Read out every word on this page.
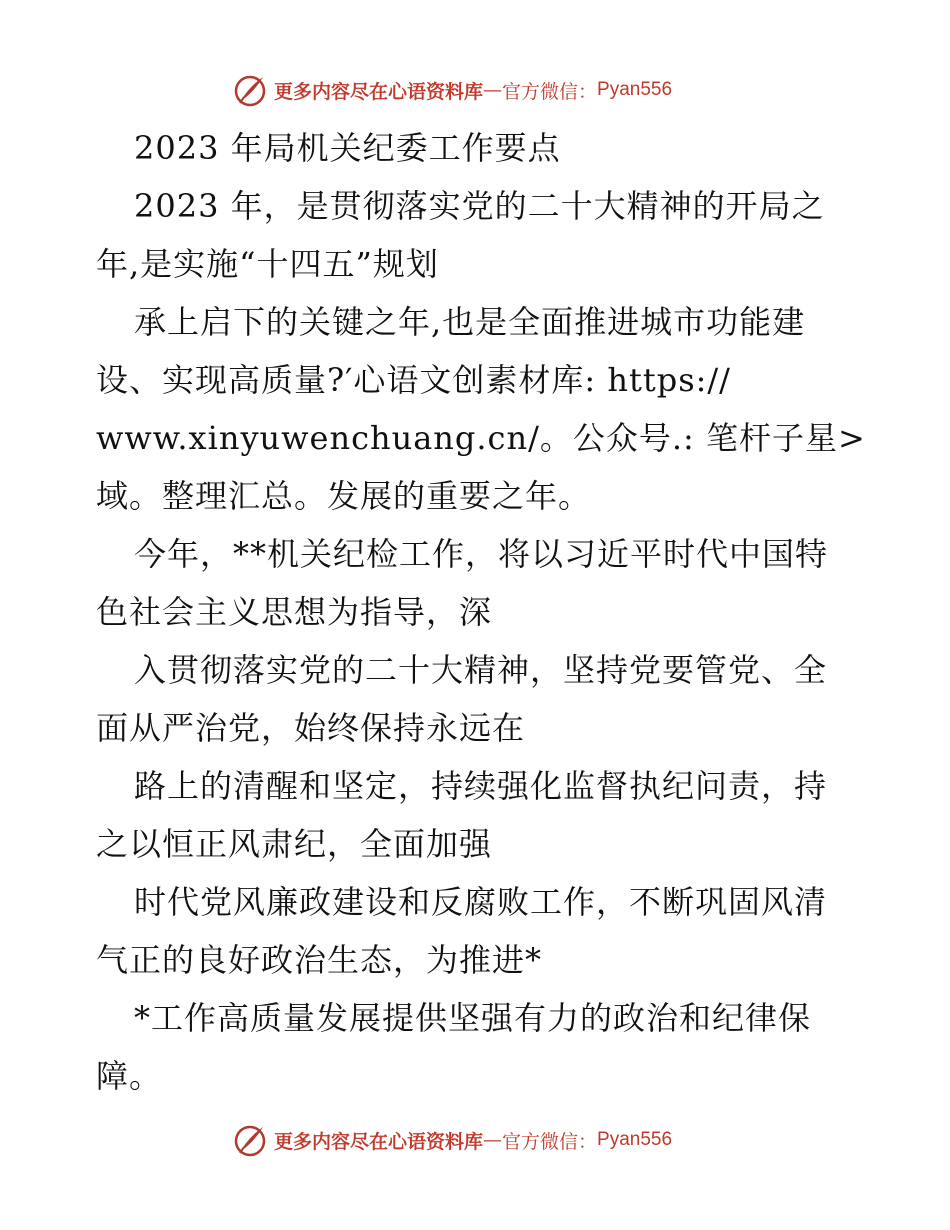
更多内容尽在心语资料库 — 官方微信： Pyan556
2023 年局机关纪委工作要点
2023 年，是贯彻落实党的二十大精神的开局之
年,是实施“十四五”规划
承上启下的关键之年,也是全面推进城市功能建
设、实现高质量?′心语文创素材库: https://
www.xinyuwenchuang.cn/。公众号.: 笔杆子星>
域。整理汇总。发展的重要之年。
今年，**机关纪检工作，将以习近平时代中国特
色社会主义思想为指导，深
入贯彻落实党的二十大精神，坚持党要管党、全
面从严治党，始终保持永远在
路上的清醒和坚定，持续强化监督执纪问责，持
之以恒正风肃纪，全面加强
时代党风廉政建设和反腐败工作，不断巩固风清
气正的良好政治生态，为推进*
*工作高质量发展提供坚强有力的政治和纪律保
障。
更多内容尽在心语资料库 — 官方微信： Pyan556
